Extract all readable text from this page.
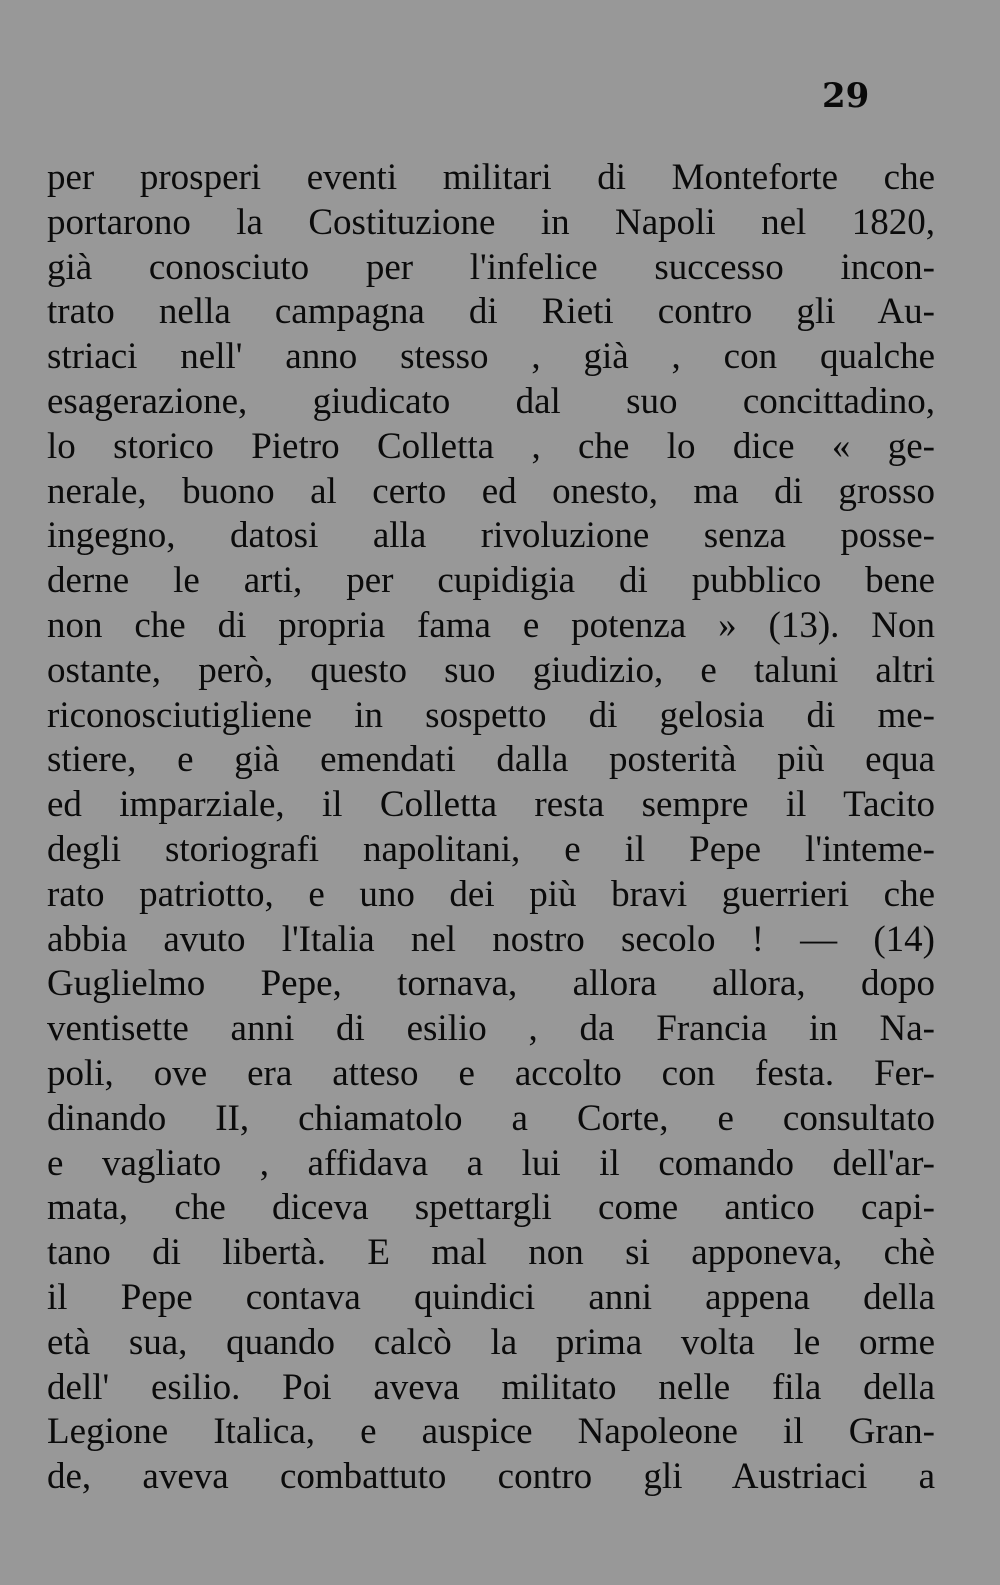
29
per prosperi eventi militari di Monteforte che
portarono la Costituzione in Napoli nel 1820,
già conosciuto per l'infelice successo incon-
trato nella campagna di Rieti contro gli Au-
striaci nell' anno stesso , già , con qualche
esagerazione, giudicato dal suo concittadino,
lo storico Pietro Colletta , che lo dice « ge-
nerale, buono al certo ed onesto, ma di grosso
ingegno, datosi alla rivoluzione senza posse-
derne le arti, per cupidigia di pubblico bene
non che di propria fama e potenza » (13). Non
ostante, però, questo suo giudizio, e taluni altri
riconosciutigliene in sospetto di gelosia di me-
stiere, e già emendati dalla posterità più equa
ed imparziale, il Colletta resta sempre il Tacito
degli storiografi napolitani, e il Pepe l'inteme-
rato patriotto, e uno dei più bravi guerrieri che
abbia avuto l'Italia nel nostro secolo ! — (14)
Guglielmo Pepe, tornava, allora allora, dopo
ventisette anni di esilio , da Francia in Na-
poli, ove era atteso e accolto con festa. Fer-
dinando II, chiamatolo a Corte, e consultato
e vagliato , affidava a lui il comando dell'ar-
mata, che diceva spettargli come antico capi-
tano di libertà. E mal non si apponeva, chè
il Pepe contava quindici anni appena della
età sua, quando calcò la prima volta le orme
dell' esilio. Poi aveva militato nelle fila della
Legione Italica, e auspice Napoleone il Gran-
de, aveva combattuto contro gli Austriaci a
